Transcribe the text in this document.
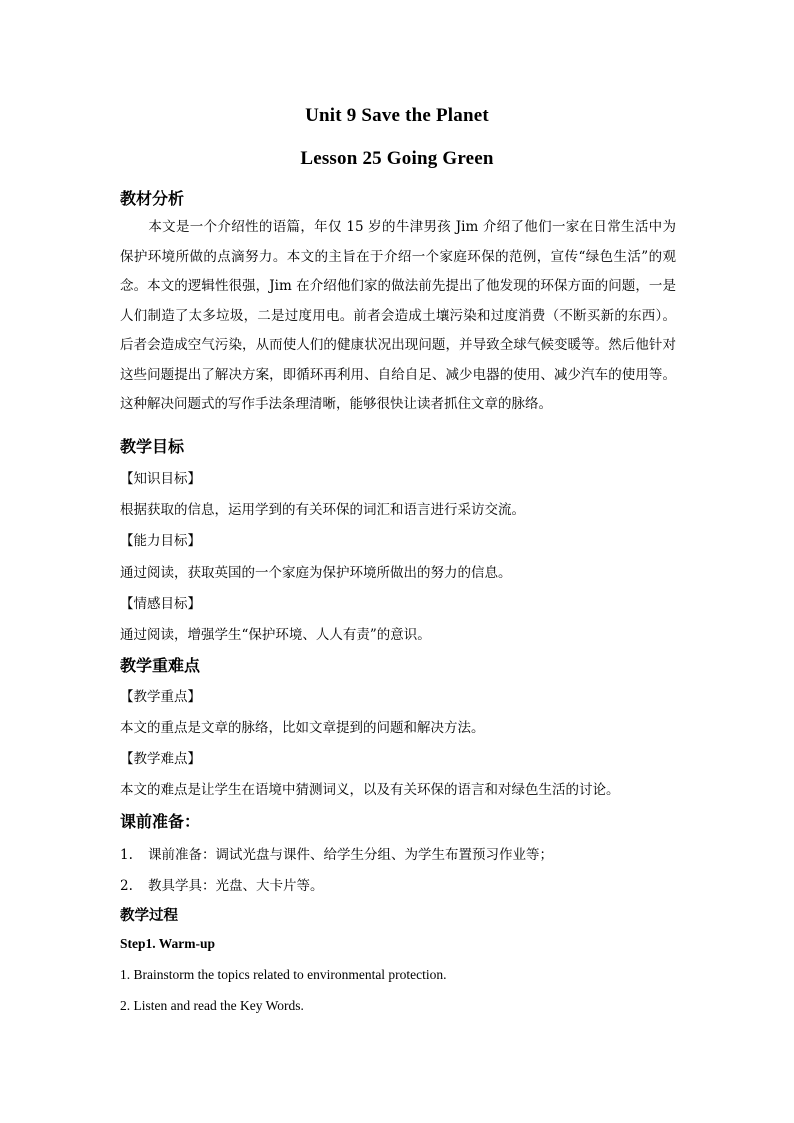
Unit 9 Save the Planet
Lesson 25 Going Green
教材分析
本文是一个介绍性的语篇，年仅 15 岁的牛津男孩 Jim 介绍了他们一家在日常生活中为保护环境所做的点滴努力。本文的主旨在于介绍一个家庭环保的范例，宣传“绿色生活”的观念。本文的逻辑性很强，Jim 在介绍他们家的做法前先提出了他发现的环保方面的问题，一是人们制造了太多垃圾，二是过度用电。前者会造成土壤污染和过度消费（不断买新的东西）。后者会造成空气污染，从而使人们的健康状况出现问题，并导致全球气候变暖等。然后他针对这些问题提出了解决方案，即循环再利用、自给自足、减少电器的使用、减少汽车的使用等。这种解决问题式的写作手法条理清晰，能够很快让读者抓住文章的脉络。
教学目标
【知识目标】
根据获取的信息，运用学到的有关环保的词汇和语言进行采访交流。
【能力目标】
通过阅读，获取英国的一个家庭为保护环境所做出的努力的信息。
【情感目标】
通过阅读，增强学生“保护环境、人人有责”的意识。
教学重难点
【教学重点】
本文的重点是文章的脉络，比如文章提到的问题和解决方法。
【教学难点】
本文的难点是让学生在语境中猜测词义，以及有关环保的语言和对绿色生活的讨论。
课前准备：
1. 课前准备：调试光盘与课件、给学生分组、为学生布置预习作业等；
2. 教具学具：光盘、大卡片等。
教学过程
Step1. Warm-up
1. Brainstorm the topics related to environmental protection.
2. Listen and read the Key Words.
